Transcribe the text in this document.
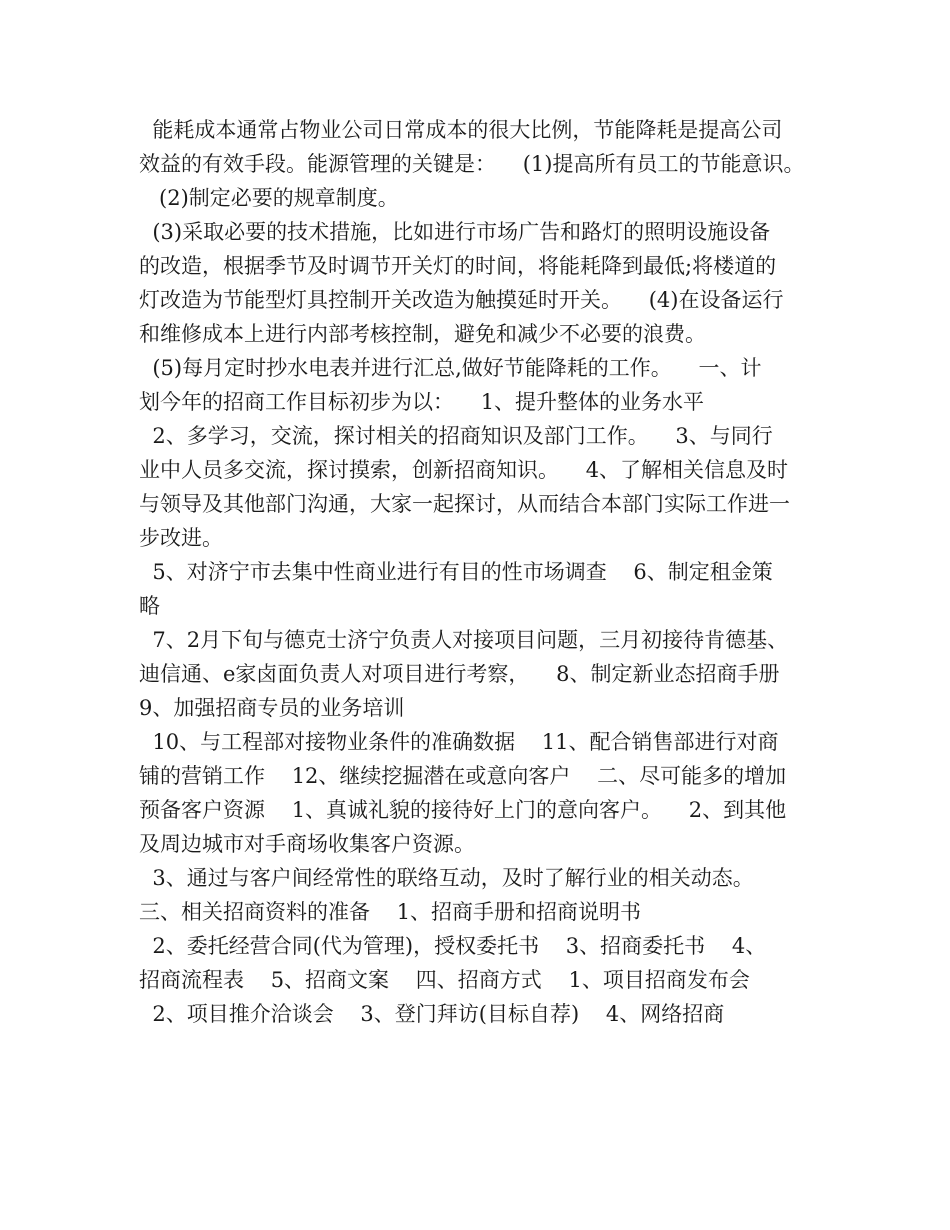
能耗成本通常占物业公司日常成本的很大比例，节能降耗是提高公司
效益的有效手段。能源管理的关键是：    (1)提高所有员工的节能意识。
(2)制定必要的规章制度。
(3)采取必要的技术措施，比如进行市场广告和路灯的照明设施设备
的改造，根据季节及时调节开关灯的时间，将能耗降到最低;将楼道的
灯改造为节能型灯具控制开关改造为触摸延时开关。    (4)在设备运行
和维修成本上进行内部考核控制，避免和减少不必要的浪费。
(5)每月定时抄水电表并进行汇总,做好节能降耗的工作。    一、计
划今年的招商工作目标初步为以：    1、提升整体的业务水平
2、多学习，交流，探讨相关的招商知识及部门工作。    3、与同行
业中人员多交流，探讨摸索，创新招商知识。    4、了解相关信息及时
与领导及其他部门沟通，大家一起探讨，从而结合本部门实际工作进一
步改进。
5、对济宁市去集中性商业进行有目的性市场调查    6、制定租金策
略
7、2月下旬与德克士济宁负责人对接项目问题，三月初接待肯德基、
迪信通、e家卤面负责人对项目进行考察，    8、制定新业态招商手册
9、加强招商专员的业务培训
10、与工程部对接物业条件的准确数据    11、配合销售部进行对商
铺的营销工作    12、继续挖掘潜在或意向客户    二、尽可能多的增加
预备客户资源    1、真诚礼貌的接待好上门的意向客户。    2、到其他
及周边城市对手商场收集客户资源。
3、通过与客户间经常性的联络互动，及时了解行业的相关动态。
三、相关招商资料的准备    1、招商手册和招商说明书
2、委托经营合同(代为管理)，授权委托书    3、招商委托书    4、
招商流程表    5、招商文案    四、招商方式    1、项目招商发布会
2、项目推介洽谈会    3、登门拜访(目标自荐)    4、网络招商
